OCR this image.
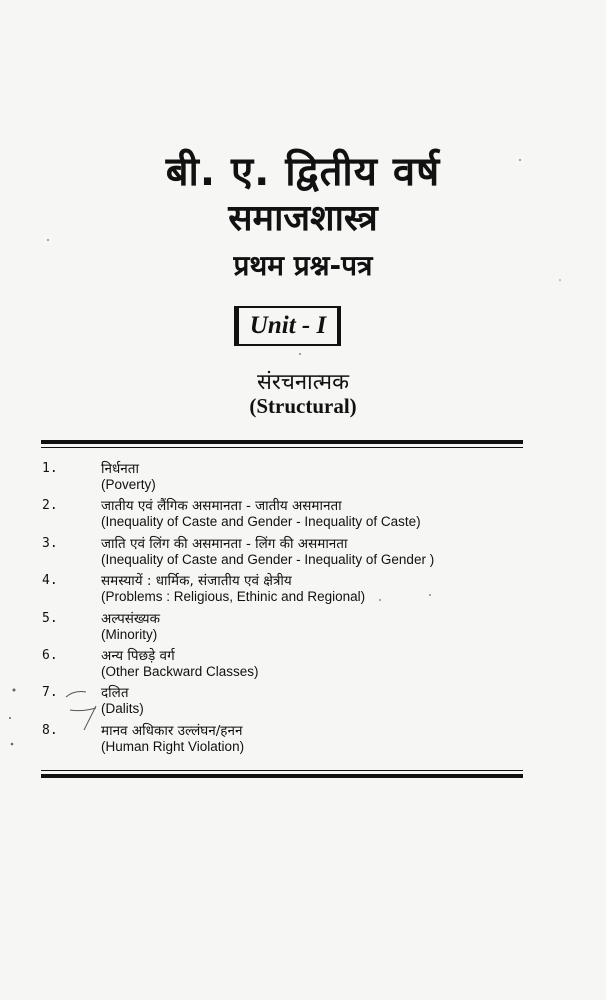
बी. ए. द्वितीय वर्ष
समाजशास्त्र
प्रथम प्रश्न-पत्र
Unit - I
संरचनात्मक
(Structural)
1.	निर्धनता
(Poverty)
2.	जातीय एवं लैंगिक असमानता - जातीय असमानता
(Inequality of Caste and Gender - Inequality of Caste)
3.	जाति एवं लिंग की असमानता - लिंग की असमानता
(Inequality of Caste and Gender - Inequality of Gender )
4.	समस्यायें : धार्मिक, संजातीय एवं क्षेत्रीय
(Problems : Religious, Ethinic and Regional)
5.	अल्पसंख्यक
(Minority)
6.	अन्य पिछड़े वर्ग
(Other Backward Classes)
7.	दलित
(Dalits)
8.	मानव अधिकार उल्लंघन/हनन
(Human Right Violation)
